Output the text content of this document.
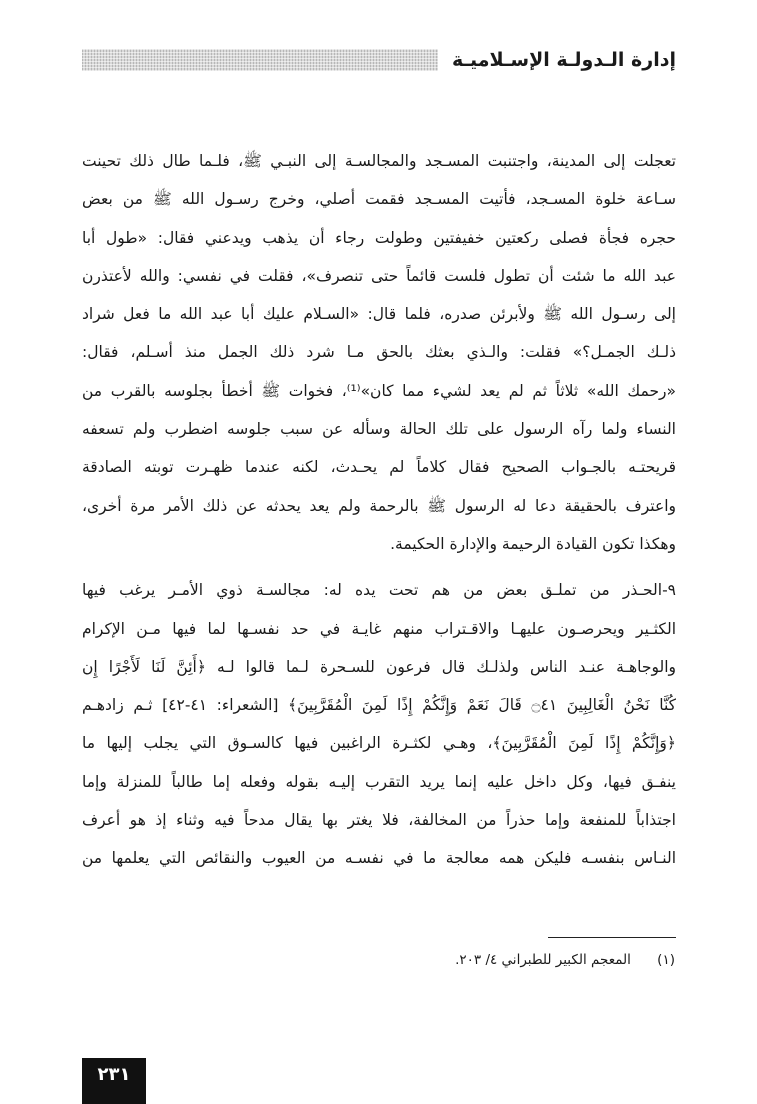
إدارة الـدولـة الإسـلاميـة
تعجلت إلى المدينة، واجتنبت المسـجد والمجالسـة إلى النبـي ﷺ، فلـما طال ذلك تحينت
سـاعة خلوة المسـجد، فأتيت المسـجد فقمت أصلي، وخرج رسـول الله ﷺ من بعض
حجره فجأة فصلى ركعتين خفيفتين وطولت رجاء أن يذهب ويدعني فقال: «طول أبا
عبد الله ما شئت أن تطول فلست قائماً حتى تنصرف»، فقلت في نفسي: والله لأعتذرن
إلى رسـول الله ﷺ ولأبرئن صدره، فلما قال: «السـلام عليك أبا عبد الله ما فعل شراد
ذلـك الجمـل؟» فقلت: والـذي بعثك بالحق مـا شرد ذلك الجمل منذ أسـلم، فقال:
«رحمك الله» ثلاثاً ثم لم يعد لشيء مما كان»⁽¹⁾، فخوات ﷺ أخطأ بجلوسه بالقرب من
النساء ولما رآه الرسول على تلك الحالة وسأله عن سبب جلوسه اضطرب ولم تسعفه
قريحتـه بالجـواب الصحيح فقال كلاماً لم يحـدث، لكنه عندما ظهـرت توبته الصادقة
واعترف بالحقيقة دعا له الرسول ﷺ بالرحمة ولم يعد يحدثه عن ذلك الأمر مرة أخرى،
وهكذا تكون القيادة الرحيمة والإدارة الحكيمة.
٩-الحـذر من تملـق بعض من هم تحت يده له: مجالسـة ذوي الأمـر يرغب فيها
الكثـير ويحرصـون عليهـا والاقـتراب منهم غايـة في حد نفسـها لما فيها مـن الإكرام
والوجاهـة عنـد الناس ولذلـك قال فرعون للسـحرة لـما قالوا لـه ﴿أَئِنَّ لَنَا لَأَجْرًا إِن
كُنَّا نَحْنُ الْغَالِبِينَ ۝٤١ قَالَ نَعَمْ وَإِنَّكُمْ إِذًا لَمِنَ الْمُقَرَّبِينَ﴾ [الشعراء: ٤١-٤٢] ثـم زادهـم
﴿وَإِنَّكُمْ إِذًا لَمِنَ الْمُقَرَّبِينَ﴾، وهـي لكثـرة الراغبين فيها كالسـوق التي يجلب إليها ما
ينفـق فيها، وكل داخل عليه إنما يريد التقرب إليـه بقوله وفعله إما طالباً للمنزلة وإما
اجتذاباً للمنفعة وإما حذراً من المخالفة، فلا يغتر بها يقال مدحاً فيه وثناء إذ هو أعرف
النـاس بنفسـه فليكن همه معالجة ما في نفسـه من العيوب والنقائص التي يعلمها من
(١) المعجم الكبير للطبراني ٤/ ٢٠٣.
٢٣١
